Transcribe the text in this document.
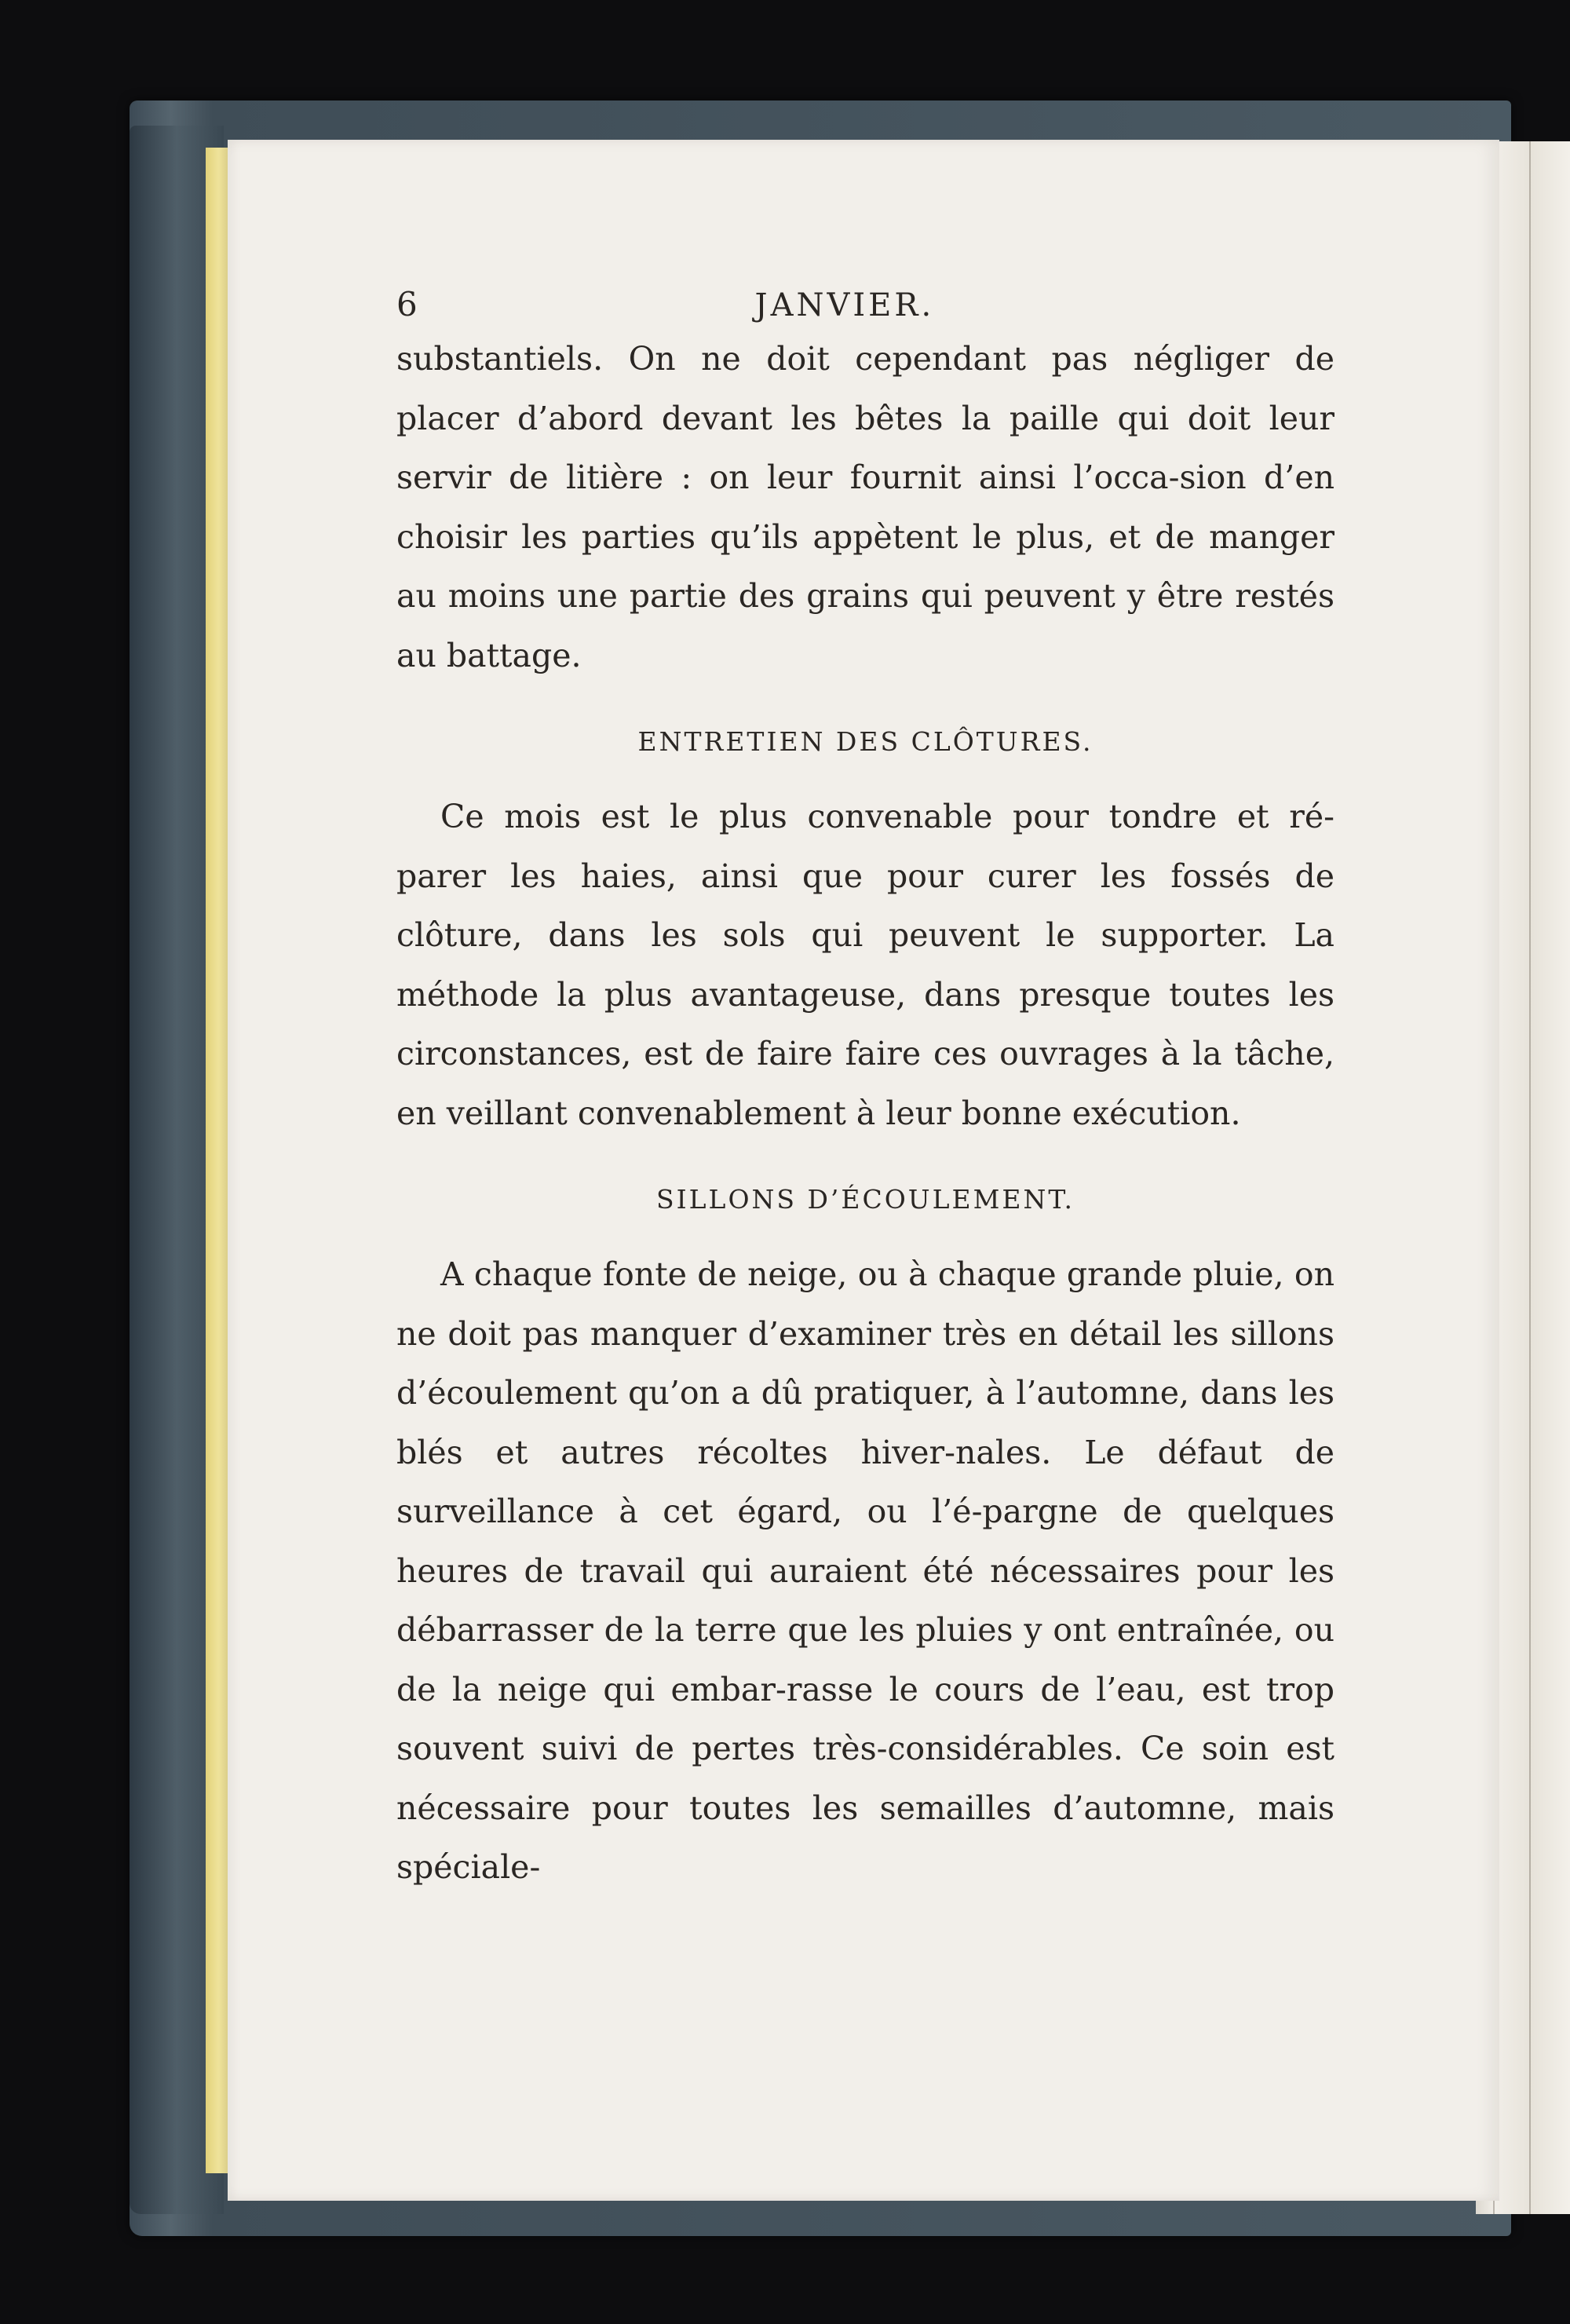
6	JANVIER.

substantiels. On ne doit cependant pas négliger de placer d’abord devant les bêtes la paille qui doit leur servir de litière : on leur fournit ainsi l’occa-sion d’en choisir les parties qu’ils appètent le plus, et de manger au moins une partie des grains qui peuvent y être restés au battage.

ENTRETIEN DES CLÔTURES.

Ce mois est le plus convenable pour tondre et ré-parer les haies, ainsi que pour curer les fossés de clôture, dans les sols qui peuvent le supporter. La méthode la plus avantageuse, dans presque toutes les circonstances, est de faire faire ces ouvrages à la tâche, en veillant convenablement à leur bonne exécution.

SILLONS D’ÉCOULEMENT.

A chaque fonte de neige, ou à chaque grande pluie, on ne doit pas manquer d’examiner très en détail les sillons d’écoulement qu’on a dû pratiquer, à l’automne, dans les blés et autres récoltes hiver-nales. Le défaut de surveillance à cet égard, ou l’é-pargne de quelques heures de travail qui auraient été nécessaires pour les débarrasser de la terre que les pluies y ont entraînée, ou de la neige qui embar-rasse le cours de l’eau, est trop souvent suivi de pertes très-considérables. Ce soin est nécessaire pour toutes les semailles d’automne, mais spéciale-
